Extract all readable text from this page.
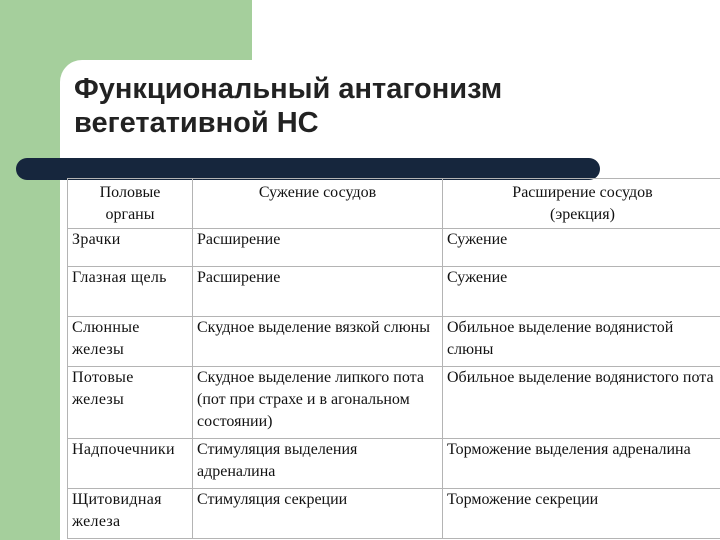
Функциональный антагонизм
вегетативной НС
Половые органы	Сужение сосудов	Расширение сосудов (эрекция)
Зрачки	Расширение	Сужение
Глазная щель	Расширение	Сужение
Слюнные железы	Скудное выделение вязкой слюны	Обильное выделение водянистой слюны
Потовые железы	Скудное выделение липкого пота (пот при страхе и в агональном состоянии)	Обильное выделение водянистого пота
Надпочечники	Стимуляция выделения адреналина	Торможение выделения адреналина
Щитовидная железа	Стимуляция секреции	Торможение секреции
